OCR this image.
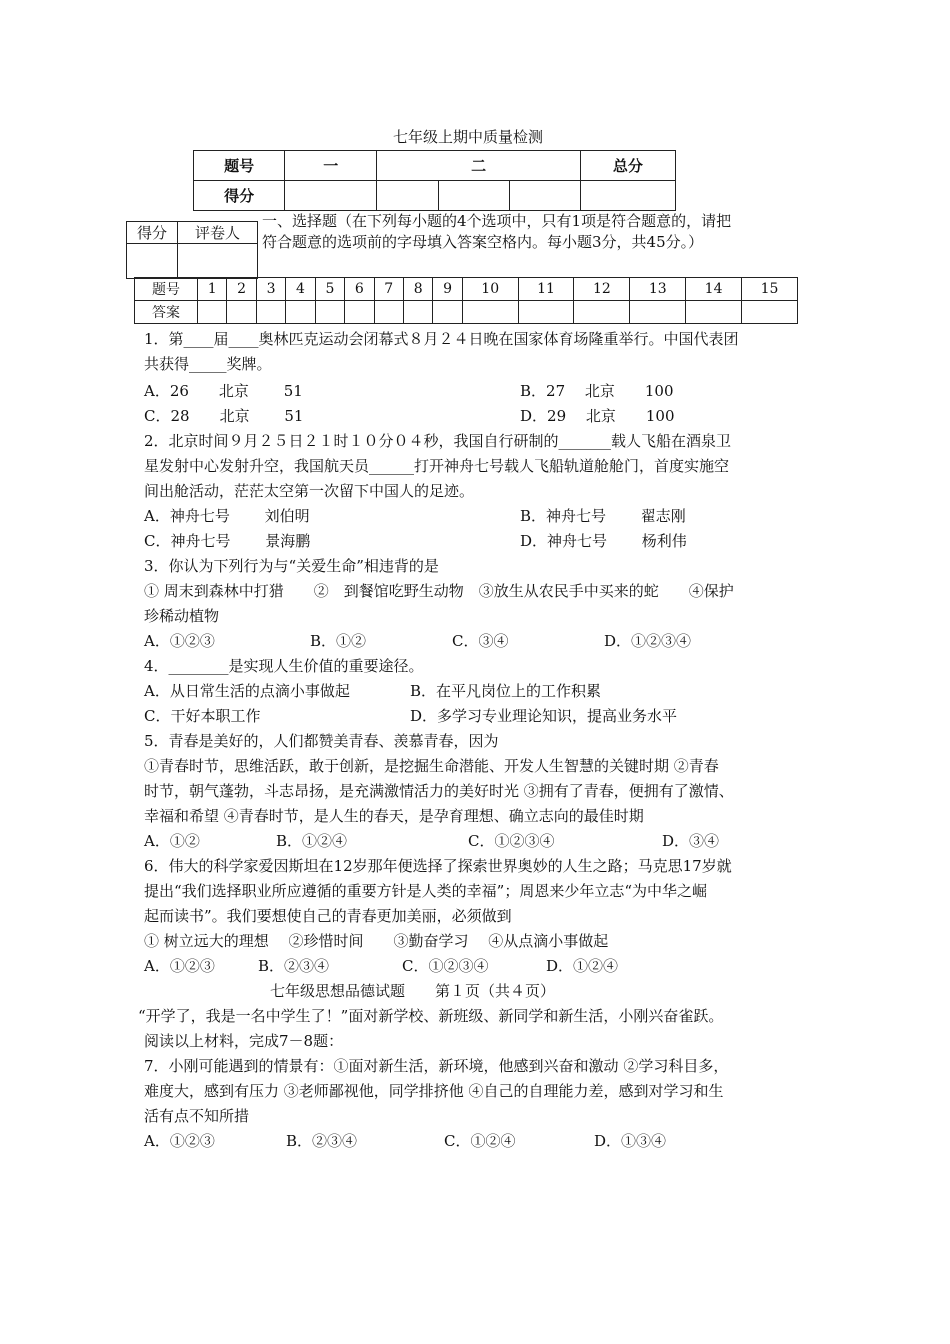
七年级上期中质量检测
题号	一	二			总分
得分					
得分	评卷人

一、选择题（在下列每小题的4个选项中，只有1项是符合题意的，请把
符合题意的选项前的字母填入答案空格内。每小题3分，共45分。）
题号	1	2	3	4	5	6	7	8	9	10	11	12	13	14	15
答案															
1．第____届____奥林匹克运动会闭幕式８月２４日晚在国家体育场隆重举行。中国代表团
共获得_____奖牌。
A．26　　北京　　 51	B．27　 北京　　100
C．28　　北京　　 51	D．29　 北京　　100
2．北京时间９月２５日２１时１０分０４秒，我国自行研制的_______载人飞船在酒泉卫
星发射中心发射升空，我国航天员______打开神舟七号载人飞船轨道舱舱门，首度实施空
间出舱活动，茫茫太空第一次留下中国人的足迹。
A．神舟七号　　 刘伯明	B．神舟七号　　 翟志刚
C．神舟七号　　 景海鹏	D．神舟七号　　 杨利伟
3．你认为下列行为与“关爱生命”相违背的是
① 周末到森林中打猎　　②　到餐馆吃野生动物　③放生从农民手中买来的蛇　　④保护
珍稀动植物
A．①②③	B．①②	C．③④	D．①②③④
4．________是实现人生价值的重要途径。
A．从日常生活的点滴小事做起	B．在平凡岗位上的工作积累
C．干好本职工作	D．多学习专业理论知识，提高业务水平
5．青春是美好的，人们都赞美青春、羡慕青春，因为
①青春时节，思维活跃，敢于创新，是挖掘生命潜能、开发人生智慧的关键时期 ②青春
时节，朝气蓬勃，斗志昂扬，是充满激情活力的美好时光 ③拥有了青春，便拥有了激情、
幸福和希望 ④青春时节，是人生的春天，是孕育理想、确立志向的最佳时期
A．①②	B．①②④	C．①②③④	D．③④
6．伟大的科学家爱因斯坦在12岁那年便选择了探索世界奥妙的人生之路；马克思17岁就
提出“我们选择职业所应遵循的重要方针是人类的幸福”；周恩来少年立志“为中华之崛
起而读书”。我们要想使自己的青春更加美丽，必须做到
① 树立远大的理想　 ②珍惜时间　　③勤奋学习　 ④从点滴小事做起
A．①②③	B．②③④	C．①②③④	D．①②④
七年级思想品德试题　　第１页（共４页）
“开学了，我是一名中学生了！”面对新学校、新班级、新同学和新生活，小刚兴奋雀跃。
阅读以上材料，完成7－8题：
7．小刚可能遇到的情景有：①面对新生活，新环境，他感到兴奋和激动 ②学习科目多，
难度大，感到有压力 ③老师鄙视他，同学排挤他 ④自己的自理能力差，感到对学习和生
活有点不知所措
A．①②③	B．②③④	C．①②④	D．①③④
